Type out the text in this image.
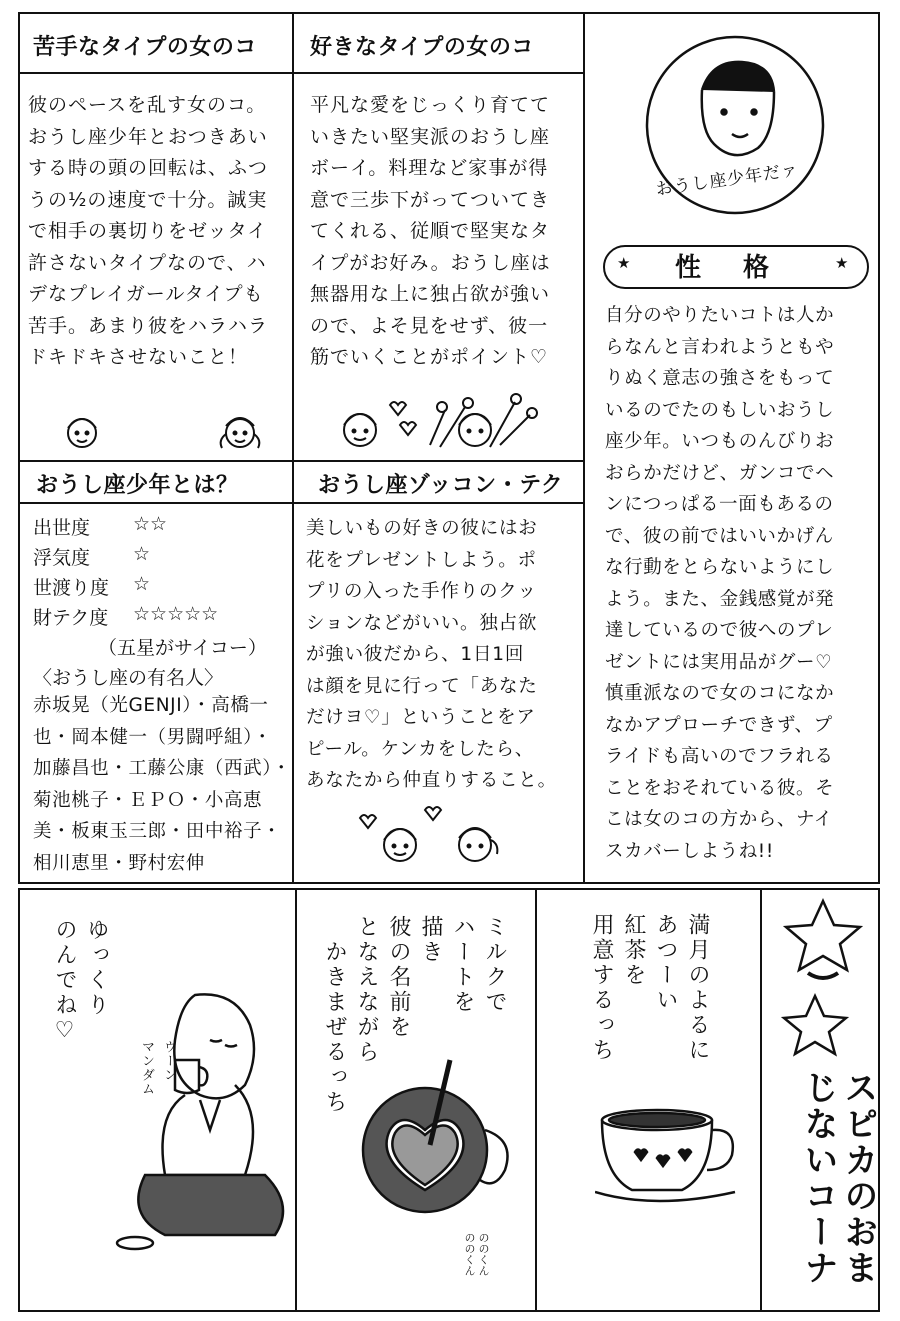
苦手なタイプの女のコ
彼のペースを乱す女のコ。
おうし座少年とおつきあい
する時の頭の回転は、ふつ
うの½の速度で十分。誠実
で相手の裏切りをゼッタイ
許さないタイプなので、ハ
デなプレイガールタイプも
苦手。あまり彼をハラハラ
ドキドキさせないこと！
好きなタイプの女のコ
平凡な愛をじっくり育てて
いきたい堅実派のおうし座
ボーイ。料理など家事が得
意で三歩下がってついてき
てくれる、従順で堅実なタ
イプがお好み。おうし座は
無器用な上に独占欲が強い
ので、よそ見をせず、彼一
筋でいくことがポイント♡
おうし座少年とは？
出世度 ☆☆
浮気度 ☆
世渡り度 ☆
財テク度 ☆☆☆☆☆
（五星がサイコー）
〈おうし座の有名人〉
赤坂晃（光GENJI）・高橋一
也・岡本健一（男闘呼組）・
加藤昌也・工藤公康（西武）・
菊池桃子・ＥＰＯ・小高恵
美・板東玉三郎・田中裕子・
相川恵里・野村宏伸
おうし座ゾッコン・テク
美しいもの好きの彼にはお
花をプレゼントしよう。ポ
プリの入った手作りのクッ
ションなどがいい。独占欲
が強い彼だから、1日1回
は顔を見に行って「あなた
だけヨ♡」ということをア
ピール。ケンカをしたら、
あなたから仲直りすること。
おうし座少年だァ
★	★
性　格
自分のやりたいコトは人か
らなんと言われようともや
りぬく意志の強さをもって
いるのでたのもしいおうし
座少年。いつものんびりお
おらかだけど、ガンコでヘ
ンにつっぱる一面もあるの
で、彼の前ではいいかげん
な行動をとらないようにし
よう。また、金銭感覚が発
達しているので彼へのプレ
ゼントには実用品がグー♡
慎重派なので女のコになか
なかアプローチできず、プ
ライドも高いのでフラれる
ことをおそれている彼。そ
こは女のコの方から、ナイ
スカバーしようね!!
ゆっくり
のんでね♡
ウーン
マンダム
ミルクで
ハートを
描き
彼の名前を
となえながら
　かきまぜるっち
ののくん
ののくん
満月のよるに
あつーい
紅茶を
用意するっち
スピカのおまじないコーナ
